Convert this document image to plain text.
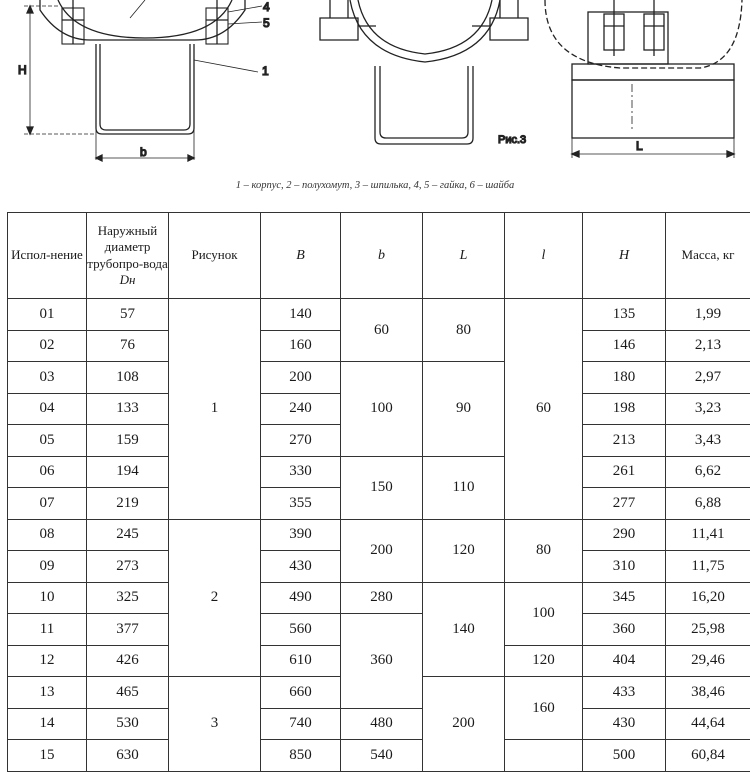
H
b
4
5
1
Рис.3	L
1 – корпус, 2 – полухомут, 3 – шпилька, 4, 5 – гайка, 6 – шайба
Испол-нение	Наружный диаметр трубопро-вода Dн	Рисунок	B	b	L	l	H	Масса, кг
01	57	1	140	60	80	60	135	1,99
02	76		160				146	2,13
03	108		200	100	90		180	2,97
04	133		240				198	3,23
05	159		270				213	3,43
06	194		330	150	110		261	6,62
07	219		355				277	6,88
08	245	2	390	200	120	80	290	11,41
09	273		430				310	11,75
10	325		490	280	140	100	345	16,20
11	377		560	360			360	25,98
12	426		610			120	404	29,46
13	465	3	660		200	160	433	38,46
14	530		740	480			430	44,64
15	630		850	540			500	60,84
